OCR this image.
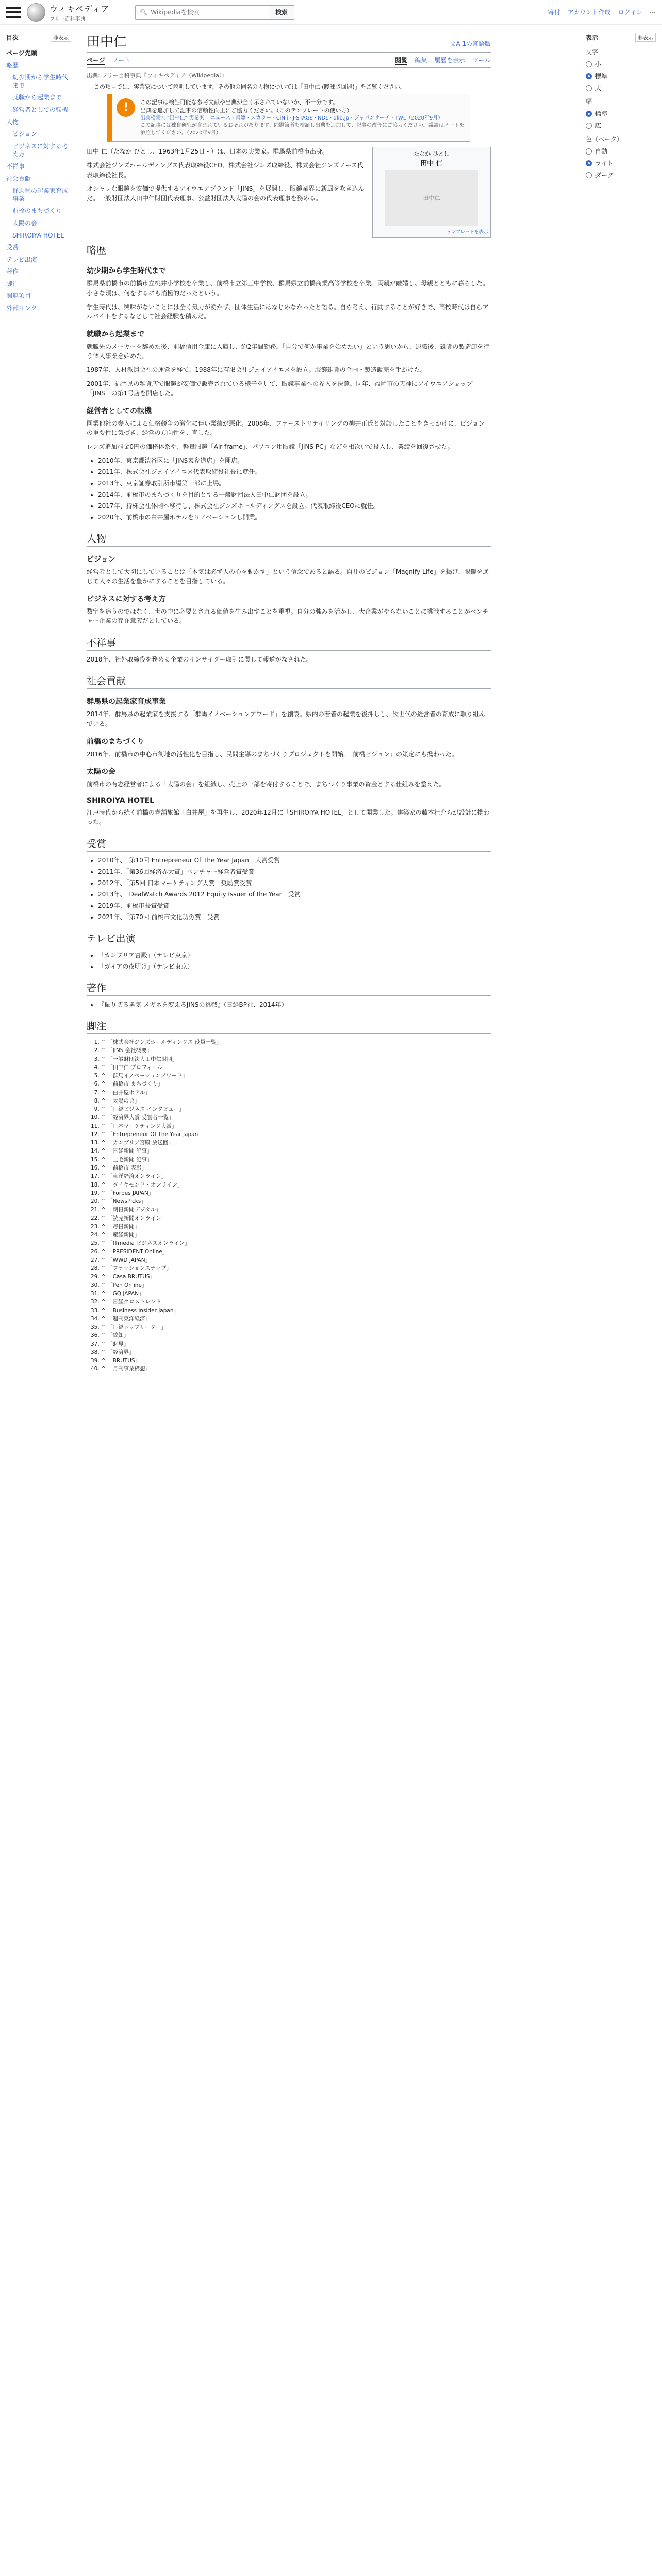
ウィキペディア
フリー百科事典
🔍︎ Wikipediaを検索	検索	寄付 アカウント作成 ログイン ⋯
目次	非表示
ページ先頭
略歴
幼少期から学生時代まで
就職から起業まで
経営者としての転機
人物
ビジョン
ビジネスに対する考え方
不祥事
社会貢献
群馬県の起業家育成事業
前橋のまちづくり
太陽の会
SHIROIYA HOTEL
受賞
テレビ出演
著作
脚注
関連項目
外部リンク
田中仁	文A 1の言語版
ページ ノート	閲覧 編集 履歴を表示 ツール
出典: フリー百科事典『ウィキペディア（Wikipedia）』
この項目では、実業家について説明しています。その他の同名の人物については「田中仁 (曖昧さ回避)」をご覧ください。
!	この記事は検証可能な参考文献や出典が全く示されていないか、不十分です。
出典を追加して記事の信頼性向上にご協力ください。（このテンプレートの使い方）
出典検索?: "田中仁" 実業家 – ニュース · 書籍 · スカラー · CiNii · J-STAGE · NDL · dlib.jp · ジャパンサーチ · TWL（2020年9月）
この記事には独自研究が含まれているおそれがあります。問題箇所を検証し出典を追加して、記事の改善にご協力ください。議論はノートを参照してください。（2020年9月）
たなか ひとし
田中 仁
田中仁
テンプレートを表示

田中 仁（たなか ひとし、1963年1月25日 - ）は、日本の実業家。群馬県前橋市出身。

株式会社ジンズホールディングス代表取締役CEO、株式会社ジンズ取締役、株式会社ジンズノース代表取締役社長。

オシャレな眼鏡を安価で提供するアイウエアブランド「JINS」を展開し、眼鏡業界に新風を吹き込んだ。一般財団法人田中仁財団代表理事、公益財団法人太陽の会の代表理事を務める。

略歴
幼少期から学生時代まで

群馬県前橋市の前橋市立桃井小学校を卒業し、前橋市立第三中学校、群馬県立前橋商業高等学校を卒業。両親が離婚し、母親とともに暮らした。小さな頃は、何をするにも消極的だったという。

学生時代は、興味がないことには全く気力が湧かず、団体生活にはなじめなかったと語る。自ら考え、行動することが好きで、高校時代は自らアルバイトをするなどして社会経験を積んだ。

就職から起業まで

就職先のメーカーを辞めた後、前橋信用金庫に入庫し、約2年間勤務。「自分で何か事業を始めたい」という思いから、退職後、雑貨の製造卸を行う個人事業を始めた。

1987年、人材派遣会社の運営を経て、1988年に有限会社ジェイアイエヌを設立。服飾雑貨の企画・製造販売を手がけた。

2001年、福岡県の雑貨店で眼鏡が安価で販売されている様子を見て、眼鏡事業への参入を決意。同年、福岡市の天神にアイウエアショップ「JINS」の第1号店を開店した。

経営者としての転機

同業他社の参入による価格競争の激化に伴い業績が悪化。2008年、ファーストリテイリングの柳井正氏と対談したことをきっかけに、ビジョンの重要性に気づき、経営の方向性を見直した。

レンズ追加料金0円の価格体系や、軽量眼鏡「Air frame」、パソコン用眼鏡「JINS PC」などを相次いで投入し、業績を回復させた。

• 2010年、東京都渋谷区に「JINS表参道店」を開店。
• 2011年、株式会社ジェイアイエヌ代表取締役社長に就任。
• 2013年、東京証券取引所市場第一部に上場。
• 2014年、前橋市のまちづくりを目的とする一般財団法人田中仁財団を設立。
• 2017年、持株会社体制へ移行し、株式会社ジンズホールディングスを設立。代表取締役CEOに就任。
• 2020年、前橋市の白井屋ホテルをリノベーションし開業。
人物
ビジョン

経営者として大切にしていることは「本気は必ず人の心を動かす」という信念であると語る。自社のビジョン「Magnify Life」を掲げ、眼鏡を通じて人々の生活を豊かにすることを目指している。

ビジネスに対する考え方

数字を追うのではなく、世の中に必要とされる価値を生み出すことを重視。自分の強みを活かし、大企業がやらないことに挑戦することがベンチャー企業の存在意義だとしている。

不祥事

2018年、社外取締役を務める企業のインサイダー取引に関して報道がなされた。

社会貢献
群馬県の起業家育成事業

2014年、群馬県の起業家を支援する「群馬イノベーションアワード」を創設。県内の若者の起業を後押しし、次世代の経営者の育成に取り組んでいる。

前橋のまちづくり

2016年、前橋市の中心市街地の活性化を目指し、民間主導のまちづくりプロジェクトを開始。「前橋ビジョン」の策定にも携わった。

太陽の会

前橋市の有志経営者による「太陽の会」を組織し、売上の一部を寄付することで、まちづくり事業の資金とする仕組みを整えた。

SHIROIYA HOTEL

江戸時代から続く前橋の老舗旅館「白井屋」を再生し、2020年12月に「SHIROIYA HOTEL」として開業した。建築家の藤本壮介らが設計に携わった。

受賞
• 2010年、「第10回 Entrepreneur Of The Year Japan」大賞受賞
• 2011年、「第36回経済界大賞」ベンチャー経営者賞受賞
• 2012年、「第5回 日本マーケティング大賞」奨励賞受賞
• 2013年、「DealWatch Awards 2012 Equity Issuer of the Year」受賞
• 2019年、前橋市長賞受賞
• 2021年、「第70回 前橋市文化功労賞」受賞
テレビ出演
• 「カンブリア宮殿」（テレビ東京）
• 「ガイアの夜明け」（テレビ東京）
著作
• 『振り切る勇気 メガネを変えるJINSの挑戦』（日経BP社、2014年）
脚注
1. ^ 「株式会社ジンズホールディングス 役員一覧」
2. ^ 「JINS 会社概要」
3. ^ 「一般財団法人田中仁財団」
4. ^ 「田中仁 プロフィール」
5. ^ 「群馬イノベーションアワード」
6. ^ 「前橋市 まちづくり」
7. ^ 「白井屋ホテル」
8. ^ 「太陽の会」
9. ^ 「日経ビジネス インタビュー」
10. ^ 「経済界大賞 受賞者一覧」
11. ^ 「日本マーケティング大賞」
12. ^ 「Entrepreneur Of The Year Japan」
13. ^ 「カンブリア宮殿 放送回」
14. ^ 「日経新聞 記事」
15. ^ 「上毛新聞 記事」
16. ^ 「前橋市 表彰」
17. ^ 「東洋経済オンライン」
18. ^ 「ダイヤモンド・オンライン」
19. ^ 「Forbes JAPAN」
20. ^ 「NewsPicks」
21. ^ 「朝日新聞デジタル」
22. ^ 「読売新聞オンライン」
23. ^ 「毎日新聞」
24. ^ 「産経新聞」
25. ^ 「ITmedia ビジネスオンライン」
26. ^ 「PRESIDENT Online」
27. ^ 「WWD JAPAN」
28. ^ 「ファッションスナップ」
29. ^ 「Casa BRUTUS」
30. ^ 「Pen Online」
31. ^ 「GQ JAPAN」
32. ^ 「日経クロストレンド」
33. ^ 「Business Insider Japan」
34. ^ 「週刊東洋経済」
35. ^ 「日経トップリーダー」
36. ^ 「致知」
37. ^ 「財界」
38. ^ 「経済界」
39. ^ 「BRUTUS」
40. ^ 「月刊事業構想」
表示	非表示
文字
小
標準
大
幅
標準
広
色（ベータ）
自動
ライト
ダーク
